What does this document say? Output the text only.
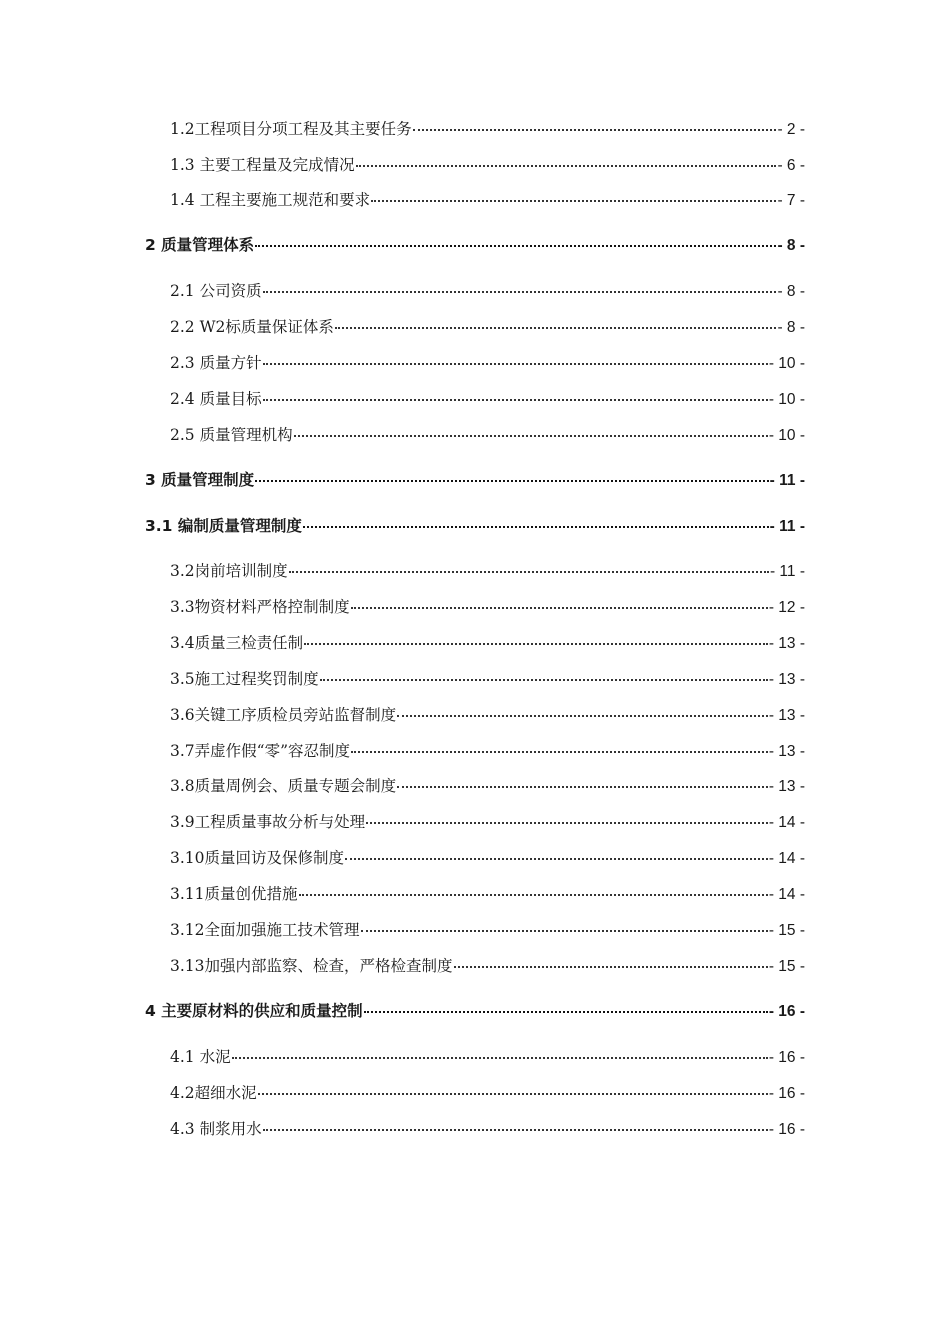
1.2工程项目分项工程及其主要任务	- 2 -
1.3 主要工程量及完成情况	- 6 -
1.4 工程主要施工规范和要求	- 7 -
2 质量管理体系	- 8 -
2.1 公司资质	- 8 -
2.2 W2标质量保证体系	- 8 -
2.3 质量方针	- 10 -
2.4 质量目标	- 10 -
2.5 质量管理机构	- 10 -
3 质量管理制度	- 11 -
3.1 编制质量管理制度	- 11 -
3.2岗前培训制度	- 11 -
3.3物资材料严格控制制度	- 12 -
3.4质量三检责任制	- 13 -
3.5施工过程奖罚制度	- 13 -
3.6关键工序质检员旁站监督制度	- 13 -
3.7弄虚作假“零”容忍制度	- 13 -
3.8质量周例会、质量专题会制度	- 13 -
3.9工程质量事故分析与处理	- 14 -
3.10质量回访及保修制度	- 14 -
3.11质量创优措施	- 14 -
3.12全面加强施工技术管理	- 15 -
3.13加强内部监察、检查，严格检查制度	- 15 -
4 主要原材料的供应和质量控制	- 16 -
4.1 水泥	- 16 -
4.2超细水泥	- 16 -
4.3 制浆用水	- 16 -
